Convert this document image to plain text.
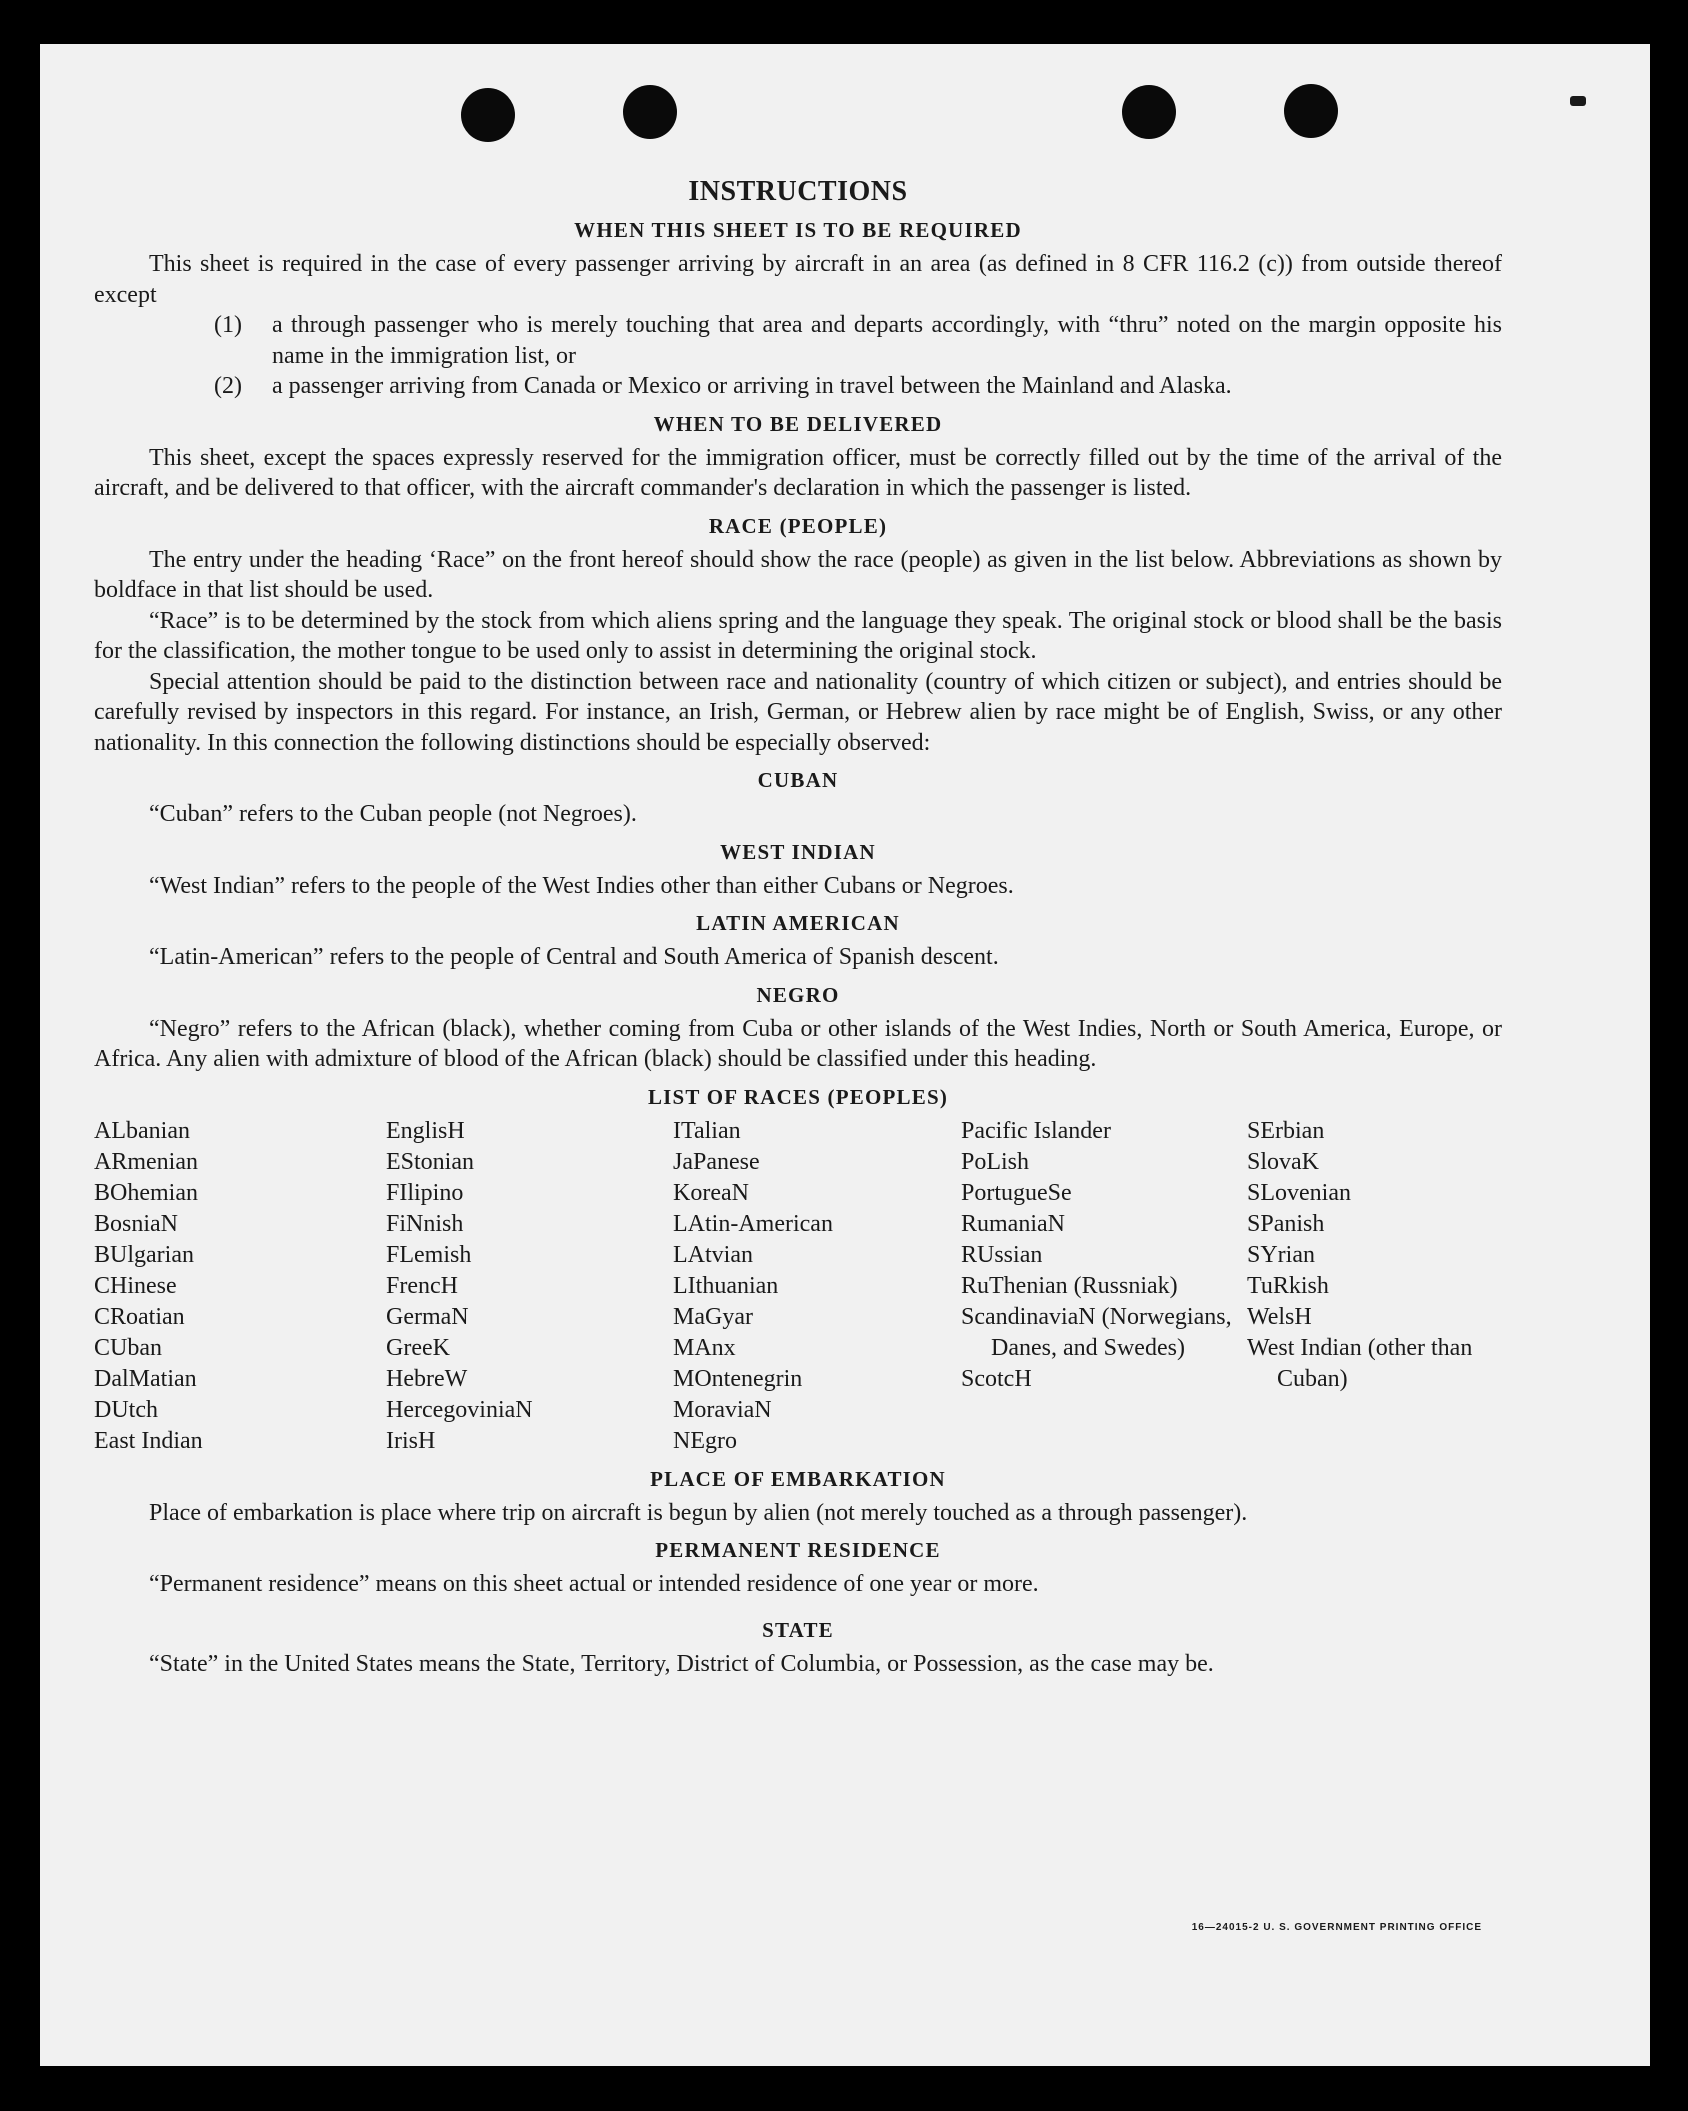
INSTRUCTIONS
WHEN THIS SHEET IS TO BE REQUIRED

This sheet is required in the case of every passenger arriving by aircraft in an area (as defined in 8 CFR 116.2 (c)) from outside thereof except

(1)	a through passenger who is merely touching that area and departs accordingly, with “thru” noted on the margin opposite his name in the immigration list, or
(2)	a passenger arriving from Canada or Mexico or arriving in travel between the Mainland and Alaska.
WHEN TO BE DELIVERED

This sheet, except the spaces expressly reserved for the immigration officer, must be correctly filled out by the time of the arrival of the aircraft, and be delivered to that officer, with the aircraft commander's declaration in which the passenger is listed.

RACE (PEOPLE)

The entry under the heading ‘Race” on the front hereof should show the race (people) as given in the list below. Abbreviations as shown by boldface in that list should be used.

“Race” is to be determined by the stock from which aliens spring and the language they speak. The original stock or blood shall be the basis for the classification, the mother tongue to be used only to assist in determining the original stock.

Special attention should be paid to the distinction between race and nationality (country of which citizen or subject), and entries should be carefully revised by inspectors in this regard. For instance, an Irish, German, or Hebrew alien by race might be of English, Swiss, or any other nationality. In this connection the following distinctions should be especially observed:

CUBAN

“Cuban” refers to the Cuban people (not Negroes).

WEST INDIAN

“West Indian” refers to the people of the West Indies other than either Cubans or Negroes.

LATIN AMERICAN

“Latin-American” refers to the people of Central and South America of Spanish descent.

NEGRO

“Negro” refers to the African (black), whether coming from Cuba or other islands of the West Indies, North or South America, Europe, or Africa. Any alien with admixture of blood of the African (black) should be classified under this heading.

LIST OF RACES (PEOPLES)
ALbanian
ARmenian
BOhemian
BosniaN
BUlgarian
CHinese
CRoatian
CUban
DalMatian
DUtch
East Indian
EnglisH
EStonian
FIlipino
FiNnish
FLemish
FrencH
GermaN
GreeK
HebreW
HercegoviniaN
IrisH
ITalian
JaPanese
KoreaN
LAtin-American
LAtvian
LIthuanian
MaGyar
MAnx
MOntenegrin
MoraviaN
NEgro
Pacific Islander
PoLish
PortugueSe
RumaniaN
RUssian
RuThenian (Russniak)
ScandinaviaN (Norwegians, Danes, and Swedes)
ScotcH
SErbian
SlovaK
SLovenian
SPanish
SYrian
TuRkish
WelsH
West Indian (other than Cuban)
PLACE OF EMBARKATION

Place of embarkation is place where trip on aircraft is begun by alien (not merely touched as a through passenger).

PERMANENT RESIDENCE

“Permanent residence” means on this sheet actual or intended residence of one year or more.

STATE

“State” in the United States means the State, Territory, District of Columbia, or Possession, as the case may be.

16—24015-2 U. S. GOVERNMENT PRINTING OFFICE
